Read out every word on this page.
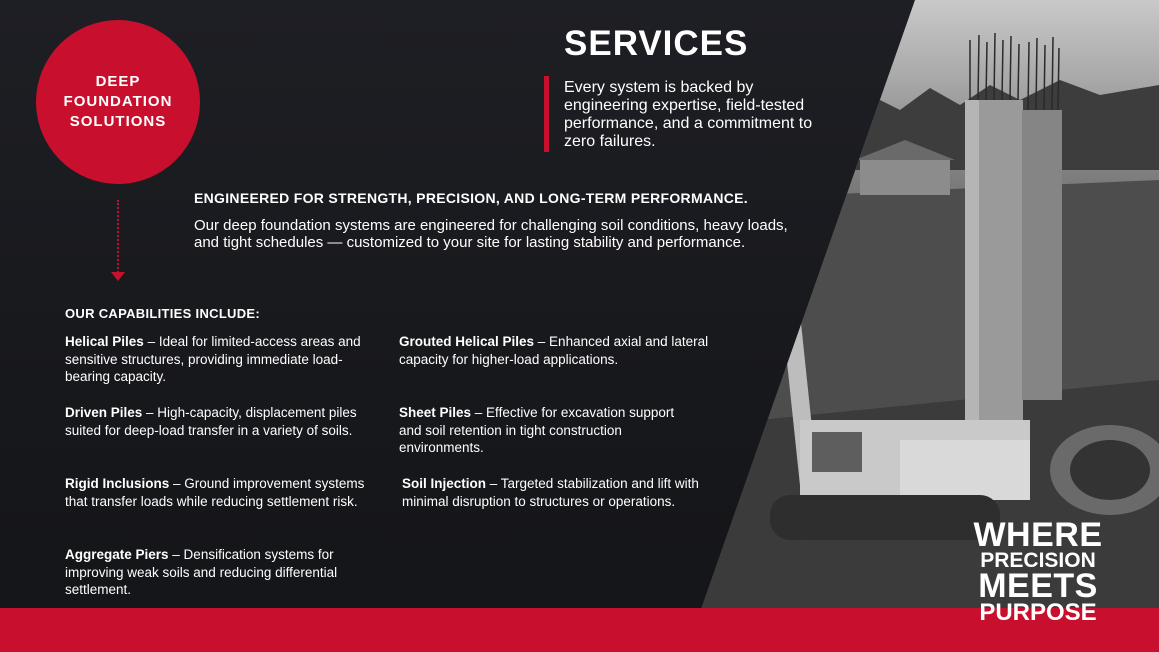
DEEP FOUNDATION SOLUTIONS
SERVICES

Every system is backed by engineering expertise, field-tested performance, and a commitment to zero failures.

ENGINEERED FOR STRENGTH, PRECISION, AND LONG-TERM PERFORMANCE.

Our deep foundation systems are engineered for challenging soil conditions, heavy loads, and tight schedules — customized to your site for lasting stability and performance.

OUR CAPABILITIES INCLUDE:

Helical Piles – Ideal for limited-access areas and sensitive structures, providing immediate load-bearing capacity.

Driven Piles – High-capacity, displacement piles suited for deep-load transfer in a variety of soils.

Rigid Inclusions – Ground improvement systems that transfer loads while reducing settlement risk.

Aggregate Piers – Densification systems for improving weak soils and reducing differential settlement.

Grouted Helical Piles – Enhanced axial and lateral capacity for higher-load applications.

Sheet Piles – Effective for excavation support and soil retention in tight construction environments.

Soil Injection – Targeted stabilization and lift with minimal disruption to structures or operations.

WHERE
PRECISION
MEETS
PURPOSE
